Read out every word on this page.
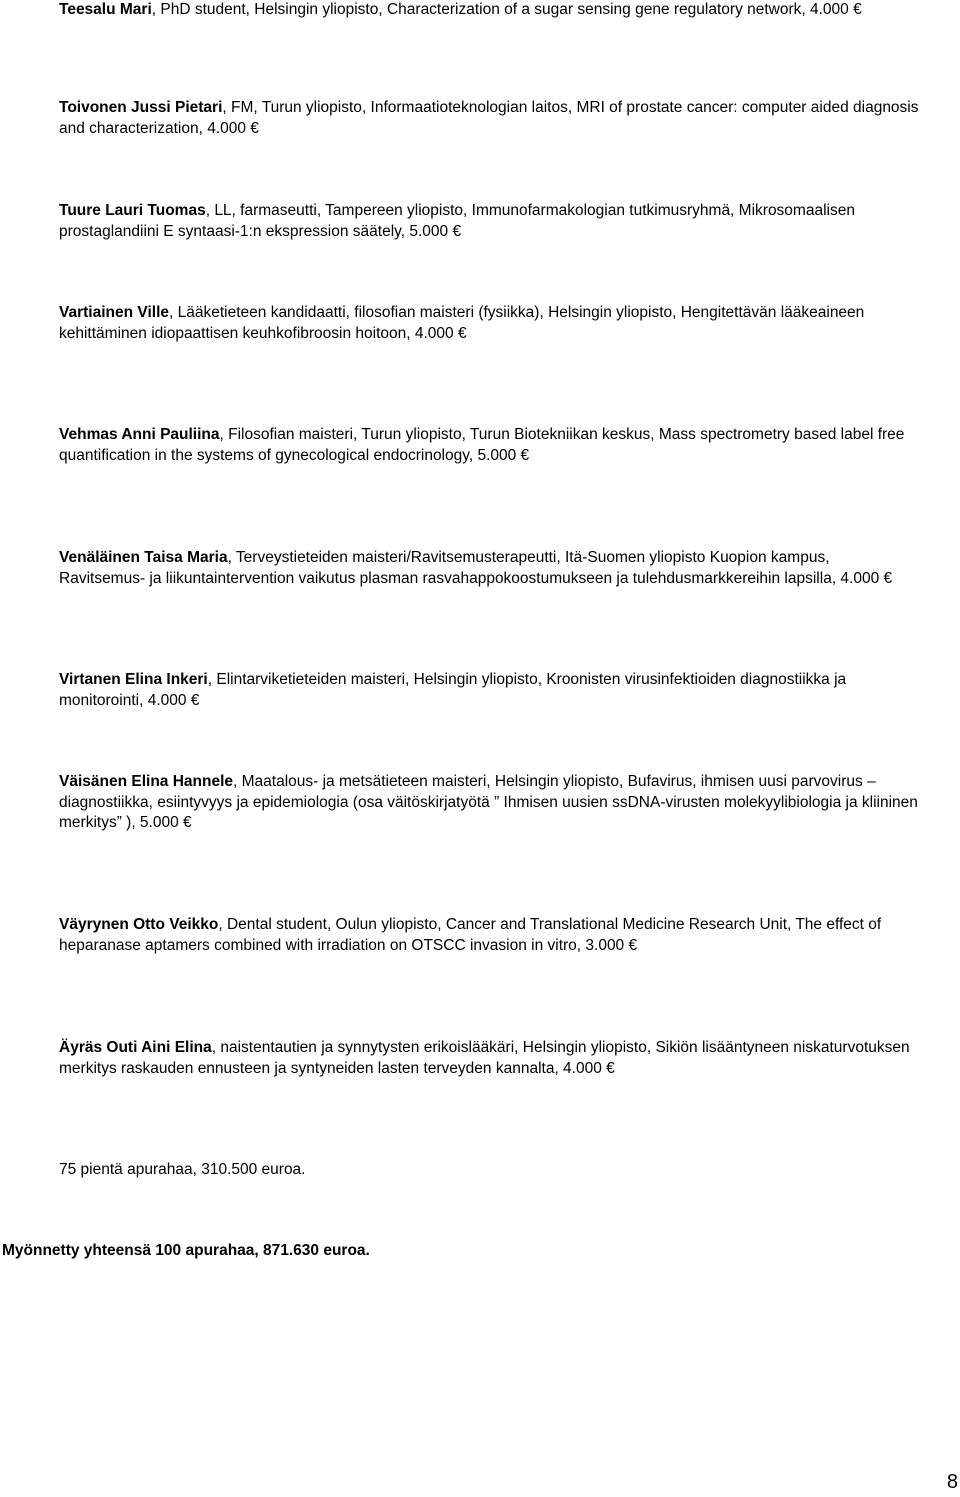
Teesalu Mari, PhD student, Helsingin yliopisto, Characterization of a sugar sensing gene regulatory network, 4.000 €

Toivonen Jussi Pietari, FM, Turun yliopisto, Informaatioteknologian laitos, MRI of prostate cancer: computer aided diagnosis and characterization, 4.000 €

Tuure Lauri Tuomas, LL, farmaseutti, Tampereen yliopisto, Immunofarmakologian tutkimusryhmä, Mikrosomaalisen prostaglandiini E syntaasi-1:n ekspression säätely, 5.000 €

Vartiainen Ville, Lääketieteen kandidaatti, filosofian maisteri (fysiikka), Helsingin yliopisto, Hengitettävän lääkeaineen kehittäminen idiopaattisen keuhkofibroosin hoitoon, 4.000 €

Vehmas Anni Pauliina, Filosofian maisteri, Turun yliopisto, Turun Biotekniikan keskus, Mass spectrometry based label free quantification in the systems of gynecological endocrinology, 5.000 €

Venäläinen Taisa Maria, Terveystieteiden maisteri/Ravitsemusterapeutti, Itä-Suomen yliopisto Kuopion kampus, Ravitsemus- ja liikuntaintervention vaikutus plasman rasvahappokoostumukseen ja tulehdusmarkkereihin lapsilla, 4.000 €

Virtanen Elina Inkeri, Elintarviketieteiden maisteri, Helsingin yliopisto, Kroonisten virusinfektioiden diagnostiikka ja monitorointi, 4.000 €

Väisänen Elina Hannele, Maatalous- ja metsätieteen maisteri, Helsingin yliopisto, Bufavirus, ihmisen uusi parvovirus – diagnostiikka, esiintyvyys ja epidemiologia (osa väitöskirjatyötä ” Ihmisen uusien ssDNA-virusten molekyylibiologia ja kliininen merkitys” ), 5.000 €

Väyrynen Otto Veikko, Dental student, Oulun yliopisto, Cancer and Translational Medicine Research Unit, The effect of heparanase aptamers combined with irradiation on OTSCC invasion in vitro, 3.000 €

Äyräs Outi Aini Elina, naistentautien ja synnytysten erikoislääkäri, Helsingin yliopisto, Sikiön lisääntyneen niskaturvotuksen merkitys raskauden ennusteen ja syntyneiden lasten terveyden kannalta, 4.000 €

75 pientä apurahaa, 310.500 euroa.

Myönnetty yhteensä 100 apurahaa, 871.630 euroa.

8
